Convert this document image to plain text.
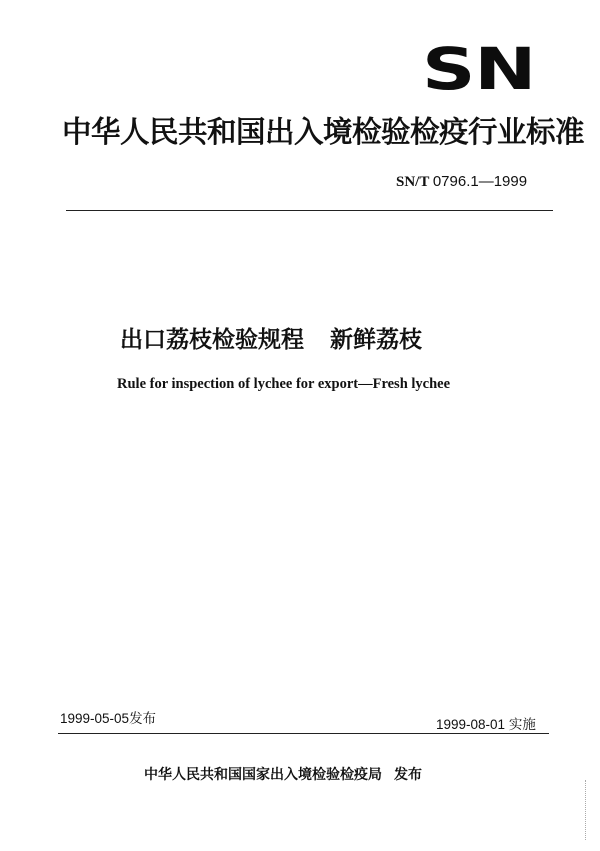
SN
中华人民共和国出入境检验检疫行业标准
SN/T 0796.1—1999
出口荔枝检验规程 新鲜荔枝
Rule for inspection of lychee for export—Fresh lychee
1999-05-05发布	1999-08-01 实施
中华人民共和国国家出入境检验检疫局 发布
